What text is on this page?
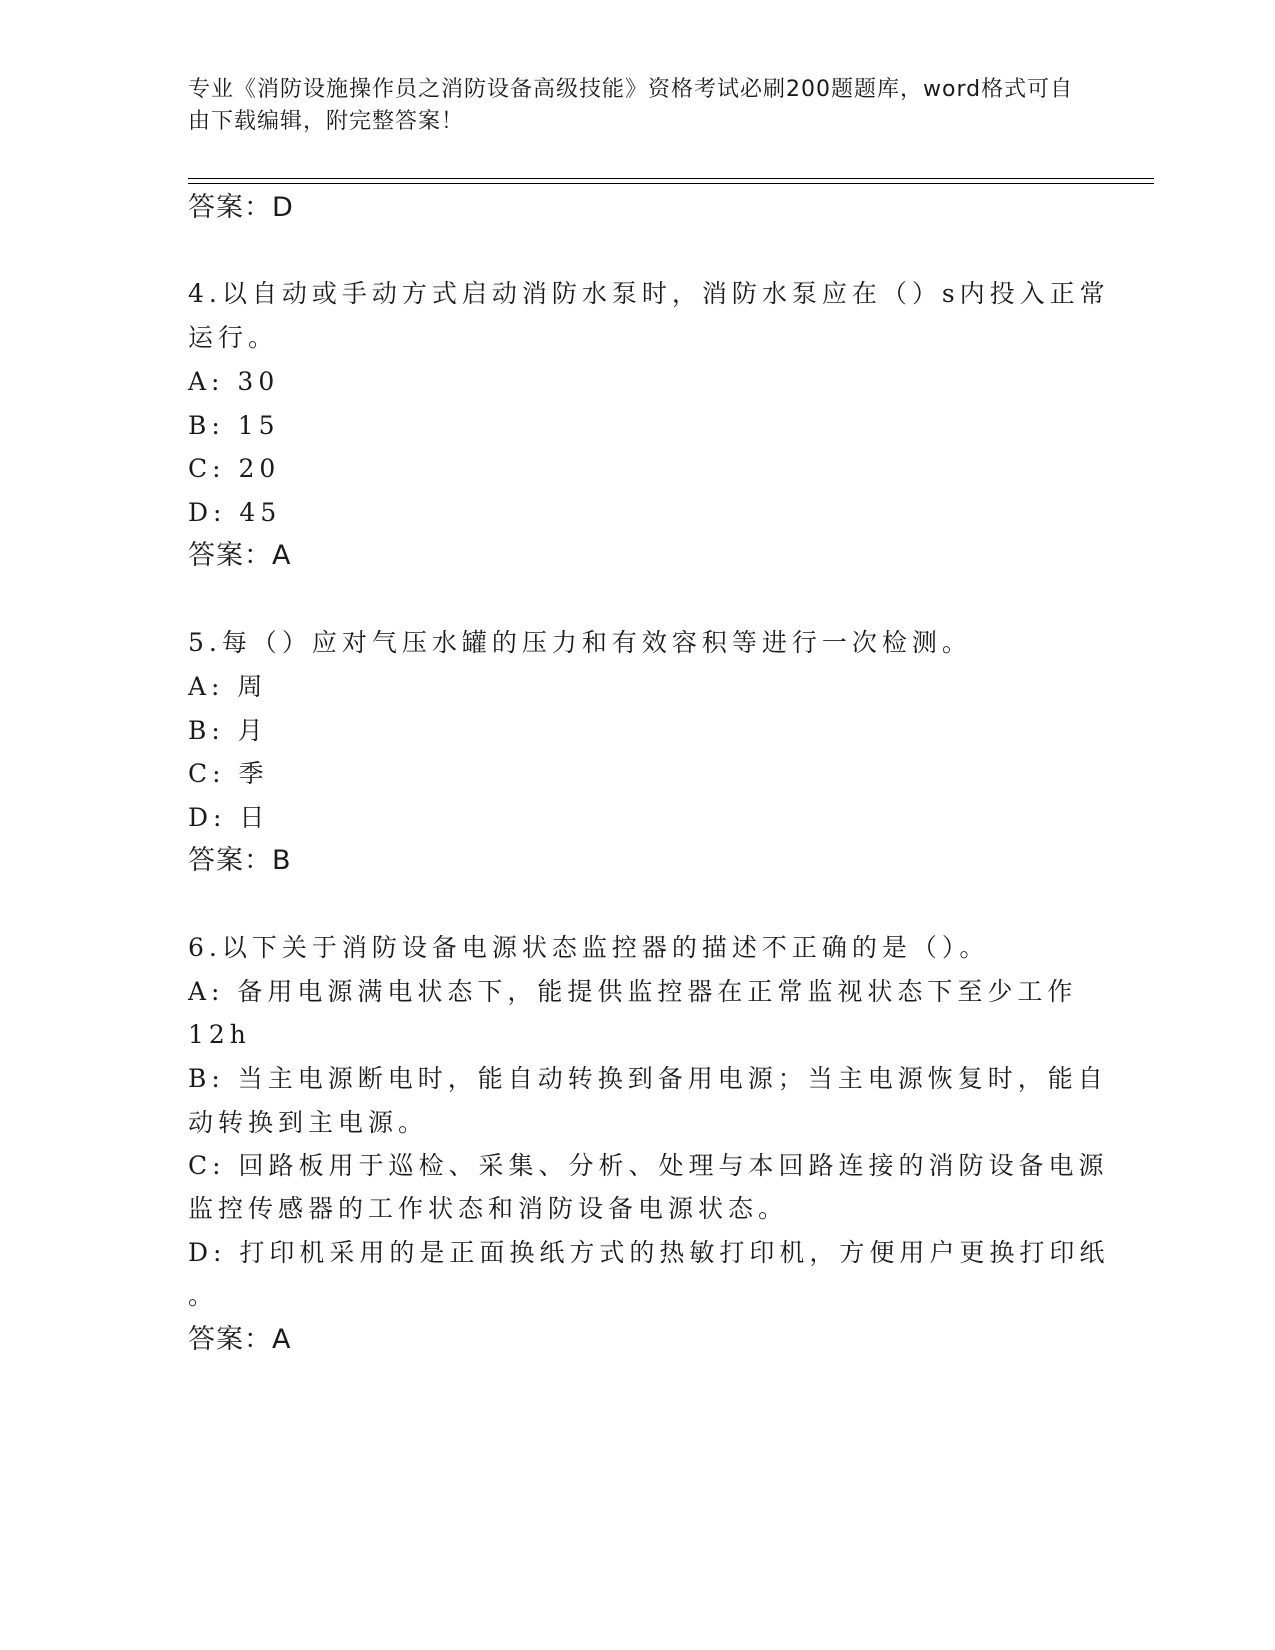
专业《消防设施操作员之消防设备高级技能》资格考试必刷200题题库，word格式可自由下载编辑，附完整答案！
答案：D
4.以自动或手动方式启动消防水泵时，消防水泵应在（）s内投入正常
运行。
A: 30
B: 15
C: 20
D: 45
答案：A
5.每（）应对气压水罐的压力和有效容积等进行一次检测。
A: 周
B: 月
C: 季
D: 日
答案：B
6.以下关于消防设备电源状态监控器的描述不正确的是（）。
A: 备用电源满电状态下，能提供监控器在正常监视状态下至少工作
12h
B: 当主电源断电时，能自动转换到备用电源；当主电源恢复时，能自
动转换到主电源。
C: 回路板用于巡检、采集、分析、处理与本回路连接的消防设备电源
监控传感器的工作状态和消防设备电源状态。
D: 打印机采用的是正面换纸方式的热敏打印机，方便用户更换打印纸
。
答案：A
